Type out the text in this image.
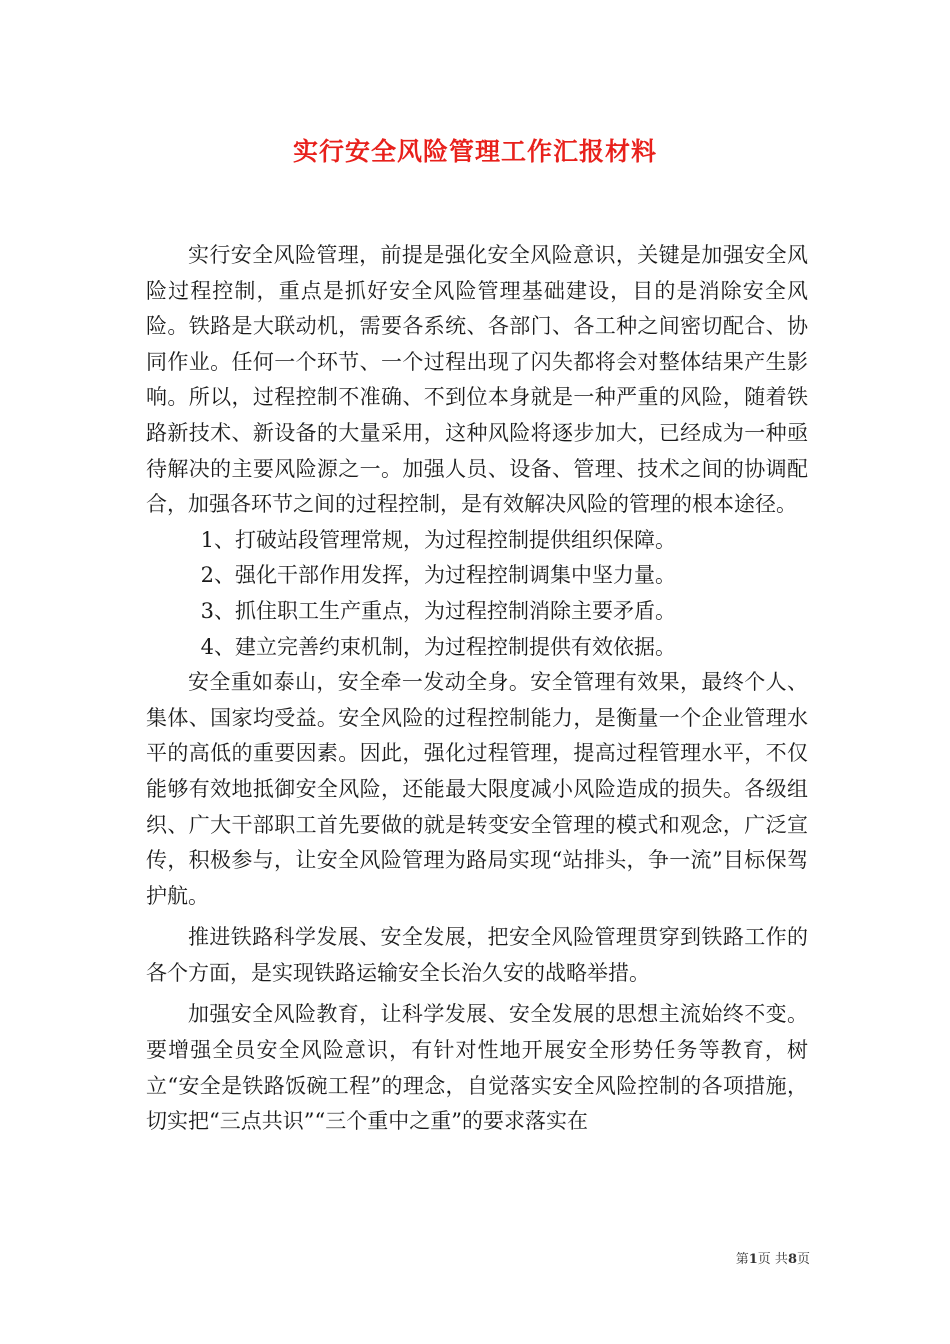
实行安全风险管理工作汇报材料

实行安全风险管理，前提是强化安全风险意识，关键是加强安全风险过程控制，重点是抓好安全风险管理基础建设，目的是消除安全风险。铁路是大联动机，需要各系统、各部门、各工种之间密切配合、协同作业。任何一个环节、一个过程出现了闪失都将会对整体结果产生影响。所以，过程控制不准确、不到位本身就是一种严重的风险，随着铁路新技术、新设备的大量采用，这种风险将逐步加大，已经成为一种亟待解决的主要风险源之一。加强人员、设备、管理、技术之间的协调配合，加强各环节之间的过程控制，是有效解决风险的管理的根本途径。

1、打破站段管理常规，为过程控制提供组织保障。

2、强化干部作用发挥，为过程控制调集中坚力量。

3、抓住职工生产重点，为过程控制消除主要矛盾。

4、建立完善约束机制，为过程控制提供有效依据。

安全重如泰山，安全牵一发动全身。安全管理有效果，最终个人、集体、国家均受益。安全风险的过程控制能力，是衡量一个企业管理水平的高低的重要因素。因此，强化过程管理，提高过程管理水平，不仅能够有效地抵御安全风险，还能最大限度减小风险造成的损失。各级组织、广大干部职工首先要做的就是转变安全管理的模式和观念，广泛宣传，积极参与，让安全风险管理为路局实现“站排头，争一流”目标保驾护航。

推进铁路科学发展、安全发展，把安全风险管理贯穿到铁路工作的各个方面，是实现铁路运输安全长治久安的战略举措。

加强安全风险教育，让科学发展、安全发展的思想主流始终不变。要增强全员安全风险意识，有针对性地开展安全形势任务等教育，树立“安全是铁路饭碗工程”的理念，自觉落实安全风险控制的各项措施，切实把“三点共识”“三个重中之重”的要求落实在

第1页 共8页
